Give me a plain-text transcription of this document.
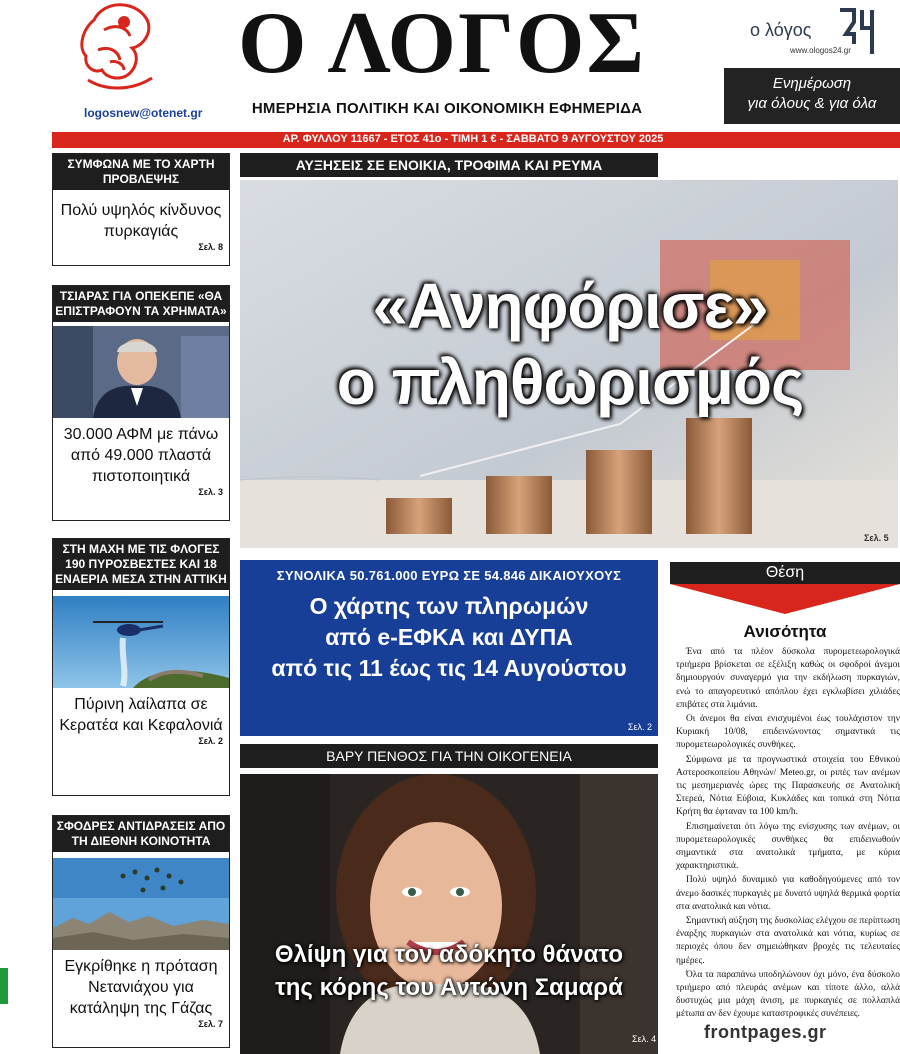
logosnew@otenet.gr
Ο ΛΟΓΟΣ
ΗΜΕΡΗΣΙΑ ΠΟΛΙΤΙΚΗ ΚΑΙ ΟΙΚΟΝΟΜΙΚΗ ΕΦΗΜΕΡΙΔΑ
ο λόγος
www.ologos24.gr
Ενημέρωση
για όλους & για όλα
ΑΡ. ΦΥΛΛΟΥ 11667 - ΕΤΟΣ 41ο - ΤΙΜΗ 1 € - ΣΑΒΒΑΤΟ 9 ΑΥΓΟΥΣΤΟΥ 2025
ΣΥΜΦΩΝΑ ΜΕ ΤΟ ΧΑΡΤΗ ΠΡΟΒΛΕΨΗΣ
Πολύ υψηλός κίνδυνος πυρκαγιάς
Σελ. 8
ΤΣΙΑΡΑΣ ΓΙΑ ΟΠΕΚΕΠΕ «ΘΑ ΕΠΙΣΤΡΑΦΟΥΝ ΤΑ ΧΡΗΜΑΤΑ»
30.000 ΑΦΜ με πάνω από 49.000 πλαστά πιστοποιητικά
Σελ. 3
ΣΤΗ ΜΑΧΗ ΜΕ ΤΙΣ ΦΛΟΓΕΣ 190 ΠΥΡΟΣΒΕΣΤΕΣ ΚΑΙ 18 ΕΝΑΕΡΙΑ ΜΕΣΑ ΣΤΗΝ ΑΤΤΙΚΗ
Πύρινη λαίλαπα σε Κερατέα και Κεφαλονιά
Σελ. 2
ΣΦΟΔΡΕΣ ΑΝΤΙΔΡΑΣΕΙΣ ΑΠΟ ΤΗ ΔΙΕΘΝΗ ΚΟΙΝΟΤΗΤΑ
Εγκρίθηκε η πρόταση Νετανιάχου για κατάληψη της Γάζας
Σελ. 7
ΑΥΞΗΣΕΙΣ ΣΕ ΕΝΟΙΚΙΑ, ΤΡΟΦΙΜΑ ΚΑΙ ΡΕΥΜΑ
«Ανηφόρισε»
ο πληθωρισμός
Σελ. 5
ΣΥΝΟΛΙΚΑ 50.761.000 ΕΥΡΩ ΣΕ 54.846 ΔΙΚΑΙΟΥΧΟΥΣ
Ο χάρτης των πληρωμών
από e-ΕΦΚΑ και ΔΥΠΑ
από τις 11 έως τις 14 Αυγούστου
Σελ. 2
ΒΑΡΥ ΠΕΝΘΟΣ ΓΙΑ ΤΗΝ ΟΙΚΟΓΕΝΕΙΑ
Θλίψη για τον αδόκητο θάνατο
της κόρης του Αντώνη Σαμαρά
Σελ. 4
Θέση
Ανισότητα

Ένα από τα πλέον δύσκολα πυρομετεωρολογικά τριήμερα βρίσκεται σε εξέλιξη καθώς οι σφοδροί άνεμοι δημιουργούν συναγερμό για την εκδήλωση πυρκαγιών, ενώ το απαγορευτικό απόπλου έχει εγκλωβίσει χιλιάδες επιβάτες στα λιμάνια.

Οι άνεμοι θα είναι ενισχυμένοι έως τουλάχιστον την Κυριακή 10/08, επιδεινώνοντας σημαντικά τις πυρομετεωρολογικές συνθήκες.

Σύμφωνα με τα προγνωστικά στοιχεία του Εθνικού Αστεροσκοπείου Αθηνών/ Meteo.gr, οι ριπές των ανέμων τις μεσημεριανές ώρες της Παρασκευής σε Ανατολική Στερεά, Νότια Εύβοια, Κυκλάδες και τοπικά στη Νότια Κρήτη θα έφταναν τα 100 km/h.

Επισημαίνεται ότι λόγω της ενίσχυσης των ανέμων, οι πυρομετεωρολογικές συνθήκες θα επιδεινωθούν σημαντικά στα ανατολικά τμήματα, με κύρια χαρακτηριστικά.

Πολύ υψηλό δυναμικό για καθοδηγούμενες από τον άνεμο δασικές πυρκαγιές με δυνατό υψηλά θερμικά φορτία στα ανατολικά και νότια.

Σημαντική αύξηση της δυσκολίας ελέγχου σε περίπτωση έναρξης πυρκαγιών στα ανατολικά και νότια, κυρίως σε περιοχές όπου δεν σημειώθηκαν βροχές τις τελευταίες ημέρες.

Όλα τα παραπάνω υποδηλώνουν όχι μόνο, ένα δύσκολο τριήμερο από πλευράς ανέμων και τίποτε άλλο, αλλά δυστυχώς μια μάχη άνιση, με πυρκαγιές σε πολλαπλά μέτωπα αν δεν έχουμε καταστροφικές συνέπειες.

frontpages.gr
